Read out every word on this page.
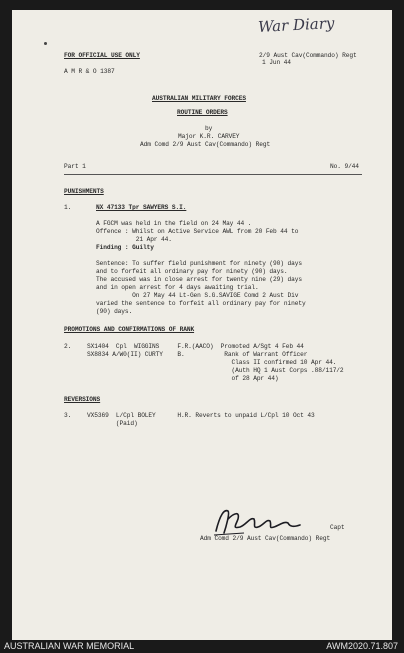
War Diary
FOR OFFICIAL USE ONLY
A M R & O 1387
2/9 Aust Cav(Commando) Regt
1 Jun 44
AUSTRALIAN MILITARY FORCES
ROUTINE ORDERS
by
Major K.R. CARVEY
Adm Comd 2/9 Aust Cav(Commando) Regt
Part 1	No. 9/44
PUNISHMENTS
1.	NX 47133 Tpr SAWYERS S.I.
A FGCM was held in the field on 24 May 44 .
Offence : Whilst on Active Service AWL from 20 Feb 44 to
21 Apr 44.
Finding : Guilty
Sentence: To suffer field punishment for ninety (90) days
and to forfeit all ordinary pay for ninety (90) days.
The accused was in close arrest for twenty nine (29) days
and in open arrest for 4 days awaiting trial.
On 27 May 44 Lt-Gen S.G.SAVIGE Comd 2 Aust Div
varied the sentence to forfeit all ordinary pay for ninety
(90) days.
PROMOTIONS AND CONFIRMATIONS OF RANK
2.	SX1404  Cpl  WIGGINS     F.R.(AACO)  Promoted A/Sgt 4 Feb 44
SX8834 A/W0(II) CURTY    B.           Rank of Warrant Officer
Class II confirmed 10 Apr 44.
(Auth HQ 1 Aust Corps .88/117/2
of 28 Apr 44)
REVERSIONS
3.	VX5369  L/Cpl BOLEY      H.R. Reverts to unpaid L/Cpl 10 Oct 43
(Paid)
Capt
Adm Comd 2/9 Aust Cav(Commando) Regt
AUSTRALIAN WAR MEMORIAL	AWM2020.71.807
